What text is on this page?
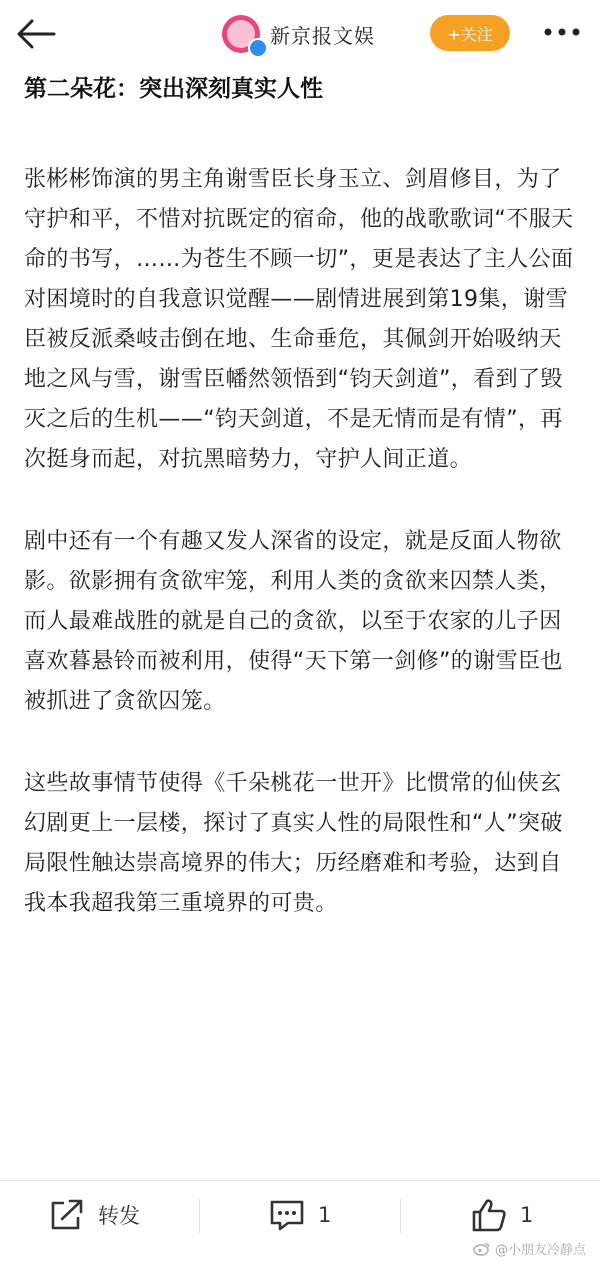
新京报文娱	+关注
第二朵花：突出深刻真实人性

张彬彬饰演的男主角谢雪臣长身玉立、剑眉修目，为了守护和平，不惜对抗既定的宿命，他的战歌歌词“不服天命的书写，……为苍生不顾一切”，更是表达了主人公面对困境时的自我意识觉醒——剧情进展到第19集，谢雪臣被反派桑岐击倒在地、生命垂危，其佩剑开始吸纳天地之风与雪，谢雪臣幡然领悟到“钧天剑道”，看到了毁灭之后的生机——“钧天剑道，不是无情而是有情”，再次挺身而起，对抗黑暗势力，守护人间正道。

剧中还有一个有趣又发人深省的设定，就是反面人物欲影。欲影拥有贪欲牢笼，利用人类的贪欲来囚禁人类，而人最难战胜的就是自己的贪欲，以至于农家的儿子因喜欢暮悬铃而被利用，使得“天下第一剑修”的谢雪臣也被抓进了贪欲囚笼。

这些故事情节使得《千朵桃花一世开》比惯常的仙侠玄幻剧更上一层楼，探讨了真实人性的局限性和“人”突破局限性触达崇高境界的伟大；历经磨难和考验，达到自我本我超我第三重境界的可贵。

转发	1	1
@小朋友冷静点
